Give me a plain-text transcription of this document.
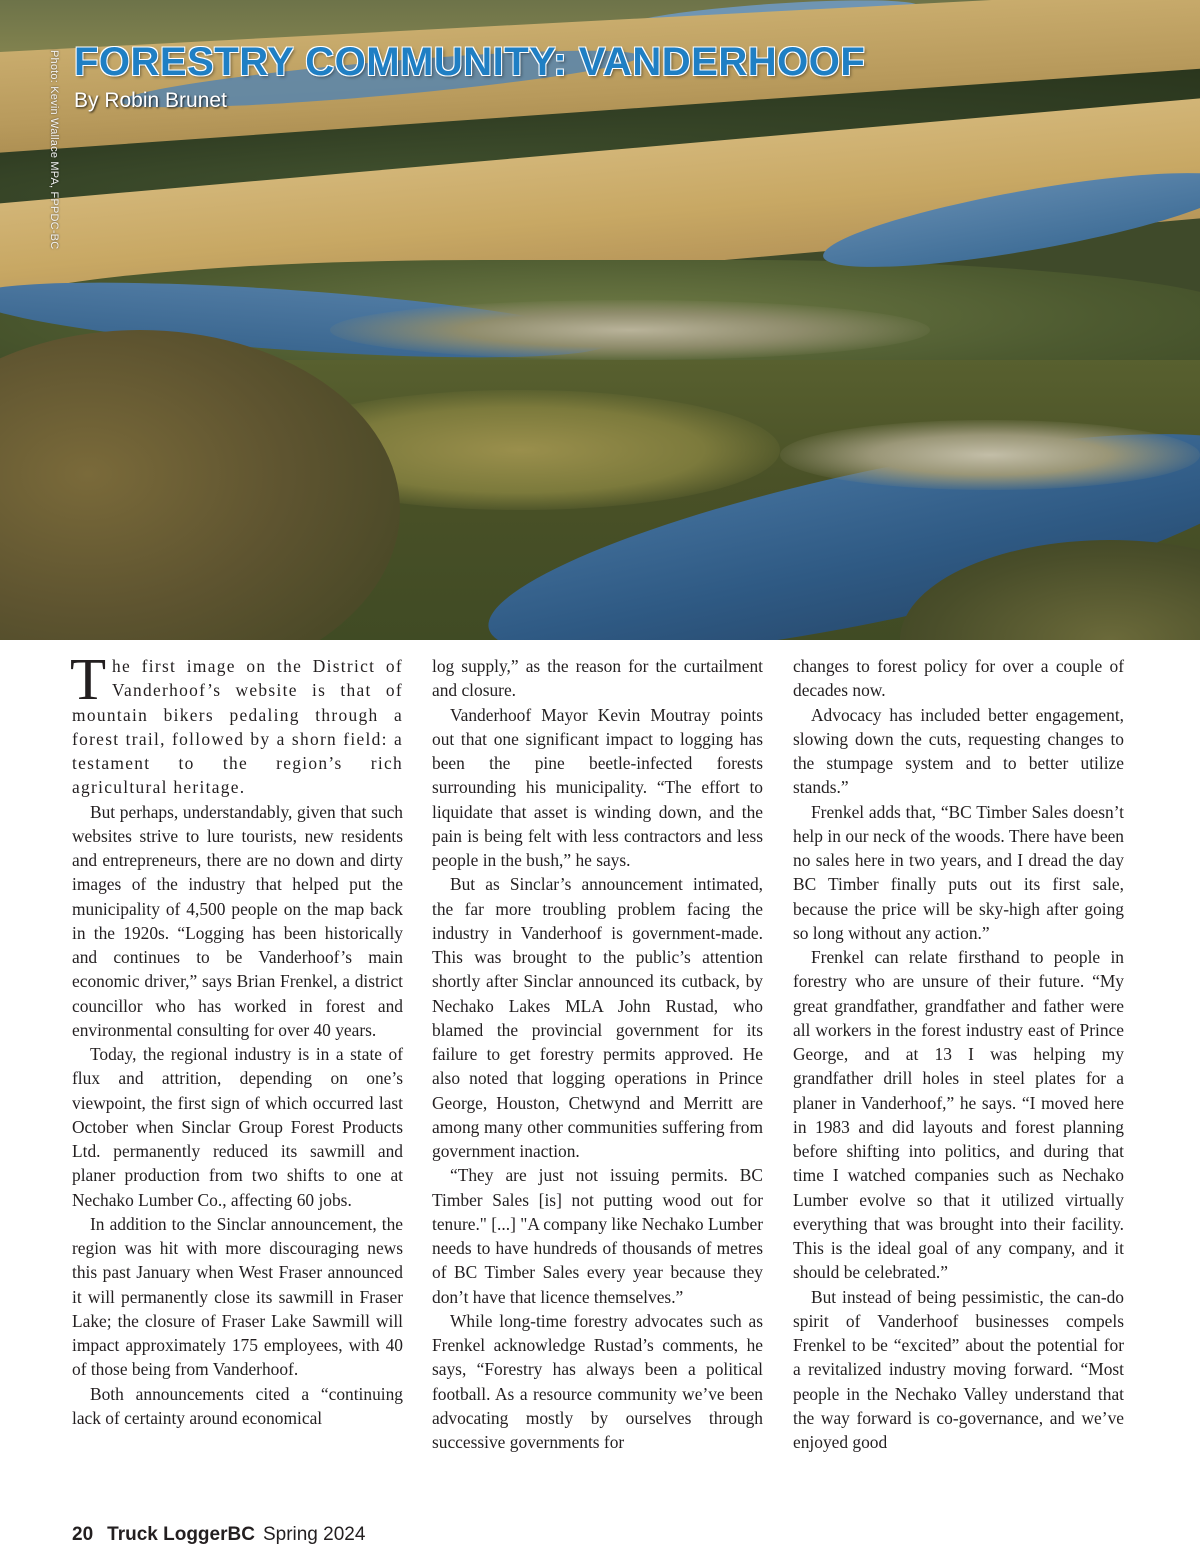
Photo: Kevin Wallace MPA, FPPDC-BC FORESTRY COMMUNITY: VANDERHOOF
By Robin Brunet

The first image on the District of Vanderhoof’s website is that of mountain bikers pedaling through a forest trail, followed by a shorn field: a testament to the region’s rich agricultural heritage.

But perhaps, understandably, given that such websites strive to lure tourists, new residents and entrepreneurs, there are no down and dirty images of the industry that helped put the municipality of 4,500 people on the map back in the 1920s. “Logging has been historically and continues to be Vanderhoof’s main economic driver,” says Brian Frenkel, a district councillor who has worked in forest and environmental consulting for over 40 years.

Today, the regional industry is in a state of flux and attrition, depending on one’s viewpoint, the first sign of which occurred last October when Sinclar Group Forest Products Ltd. permanently reduced its sawmill and planer production from two shifts to one at Nechako Lumber Co., affecting 60 jobs.

In addition to the Sinclar announcement, the region was hit with more discouraging news this past January when West Fraser announced it will permanently close its sawmill in Fraser Lake; the closure of Fraser Lake Sawmill will impact approximately 175 employees, with 40 of those being from Vanderhoof.

Both announcements cited a “continuing lack of certainty around economical

log supply,” as the reason for the curtailment and closure.

Vanderhoof Mayor Kevin Moutray points out that one significant impact to logging has been the pine beetle-infected forests surrounding his municipality. “The effort to liquidate that asset is winding down, and the pain is being felt with less contractors and less people in the bush,” he says.

But as Sinclar’s announcement intimated, the far more troubling problem facing the industry in Vanderhoof is government-made. This was brought to the public’s attention shortly after Sinclar announced its cutback, by Nechako Lakes MLA John Rustad, who blamed the provincial government for its failure to get forestry permits approved. He also noted that logging operations in Prince George, Houston, Chetwynd and Merritt are among many other communities suffering from government inaction.

“They are just not issuing permits. BC Timber Sales [is] not putting wood out for tenure." [...] "A company like Nechako Lumber needs to have hundreds of thousands of metres of BC Timber Sales every year because they don’t have that licence themselves.”

While long-time forestry advocates such as Frenkel acknowledge Rustad’s comments, he says, “Forestry has always been a political football. As a resource community we’ve been advocating mostly by ourselves through successive governments for

changes to forest policy for over a couple of decades now.

Advocacy has included better engagement, slowing down the cuts, requesting changes to the stumpage system and to better utilize stands.”

Frenkel adds that, “BC Timber Sales doesn’t help in our neck of the woods. There have been no sales here in two years, and I dread the day BC Timber finally puts out its first sale, because the price will be sky-high after going so long without any action.”

Frenkel can relate firsthand to people in forestry who are unsure of their future. “My great grandfather, grandfather and father were all workers in the forest industry east of Prince George, and at 13 I was helping my grandfather drill holes in steel plates for a planer in Vanderhoof,” he says. “I moved here in 1983 and did layouts and forest planning before shifting into politics, and during that time I watched companies such as Nechako Lumber evolve so that it utilized virtually everything that was brought into their facility. This is the ideal goal of any company, and it should be celebrated.”

But instead of being pessimistic, the can-do spirit of Vanderhoof businesses compels Frenkel to be “excited” about the potential for a revitalized industry moving forward. “Most people in the Nechako Valley understand that the way forward is co-governance, and we’ve enjoyed good

20 Truck LoggerBC Spring 2024
